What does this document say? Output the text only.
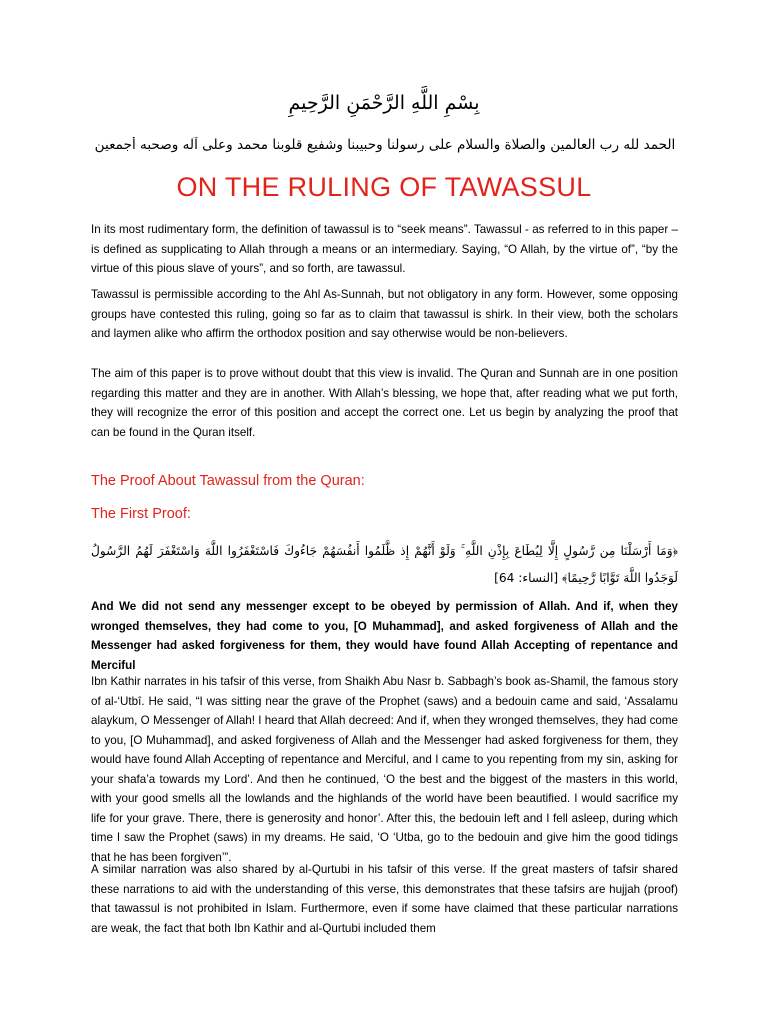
بِسْمِ اللَّهِ الرَّحْمَنِ الرَّحِيمِ
الحمد لله رب العالمين والصلاة والسلام على رسولنا وحبيبنا وشفيع قلوبنا محمد وعلى آله وصحبه أجمعين
ON THE RULING OF TAWASSUL

In its most rudimentary form, the definition of tawassul is to “seek means”. Tawassul - as referred to in this paper – is defined as supplicating to Allah through a means or an intermediary. Saying, “O Allah, by the virtue of”, “by the virtue of this pious slave of yours”, and so forth, are tawassul.

Tawassul is permissible according to the Ahl As-Sunnah, but not obligatory in any form. However, some opposing groups have contested this ruling, going so far as to claim that tawassul is shirk. In their view, both the scholars and laymen alike who affirm the orthodox position and say otherwise would be non-believers.

The aim of this paper is to prove without doubt that this view is invalid. The Quran and Sunnah are in one position regarding this matter and they are in another. With Allah’s blessing, we hope that, after reading what we put forth, they will recognize the error of this position and accept the correct one. Let us begin by analyzing the proof that can be found in the Quran itself.

The Proof About Tawassul from the Quran:
The First Proof:

﴿وَمَا أَرْسَلْنَا مِن رَّسُولٍ إِلَّا لِيُطَاعَ بِإِذْنِ اللَّهِ ۚ وَلَوْ أَنَّهُمْ إِذ ظَّلَمُوا أَنفُسَهُمْ جَاءُوكَ فَاسْتَغْفَرُوا اللَّهَ وَاسْتَغْفَرَ لَهُمُ الرَّسُولُ لَوَجَدُوا اللَّهَ تَوَّابًا رَّحِيمًا﴾ [النساء: 64]

And We did not send any messenger except to be obeyed by permission of Allah. And if, when they wronged themselves, they had come to you, [O Muhammad], and asked forgiveness of Allah and the Messenger had asked forgiveness for them, they would have found Allah Accepting of repentance and Merciful

Ibn Kathir narrates in his tafsir of this verse, from Shaikh Abu Nasr b. Sabbagh’s book as-Shamil, the famous story of al-‘Utbî. He said, “I was sitting near the grave of the Prophet (saws) and a bedouin came and said, ‘Assalamu alaykum, O Messenger of Allah! I heard that Allah decreed: And if, when they wronged themselves, they had come to you, [O Muhammad], and asked forgiveness of Allah and the Messenger had asked forgiveness for them, they would have found Allah Accepting of repentance and Merciful, and I came to you repenting from my sin, asking for your shafa’a towards my Lord’. And then he continued, ‘O the best and the biggest of the masters in this world, with your good smells all the lowlands and the highlands of the world have been beautified. I would sacrifice my life for your grave. There, there is generosity and honor’. After this, the bedouin left and I fell asleep, during which time I saw the Prophet (saws) in my dreams. He said, ‘O ‘Utba, go to the bedouin and give him the good tidings that he has been forgiven’”.

A similar narration was also shared by al-Qurtubi in his tafsir of this verse. If the great masters of tafsir shared these narrations to aid with the understanding of this verse, this demonstrates that these tafsirs are hujjah (proof) that tawassul is not prohibited in Islam. Furthermore, even if some have claimed that these particular narrations are weak, the fact that both Ibn Kathir and al-Qurtubi included them
